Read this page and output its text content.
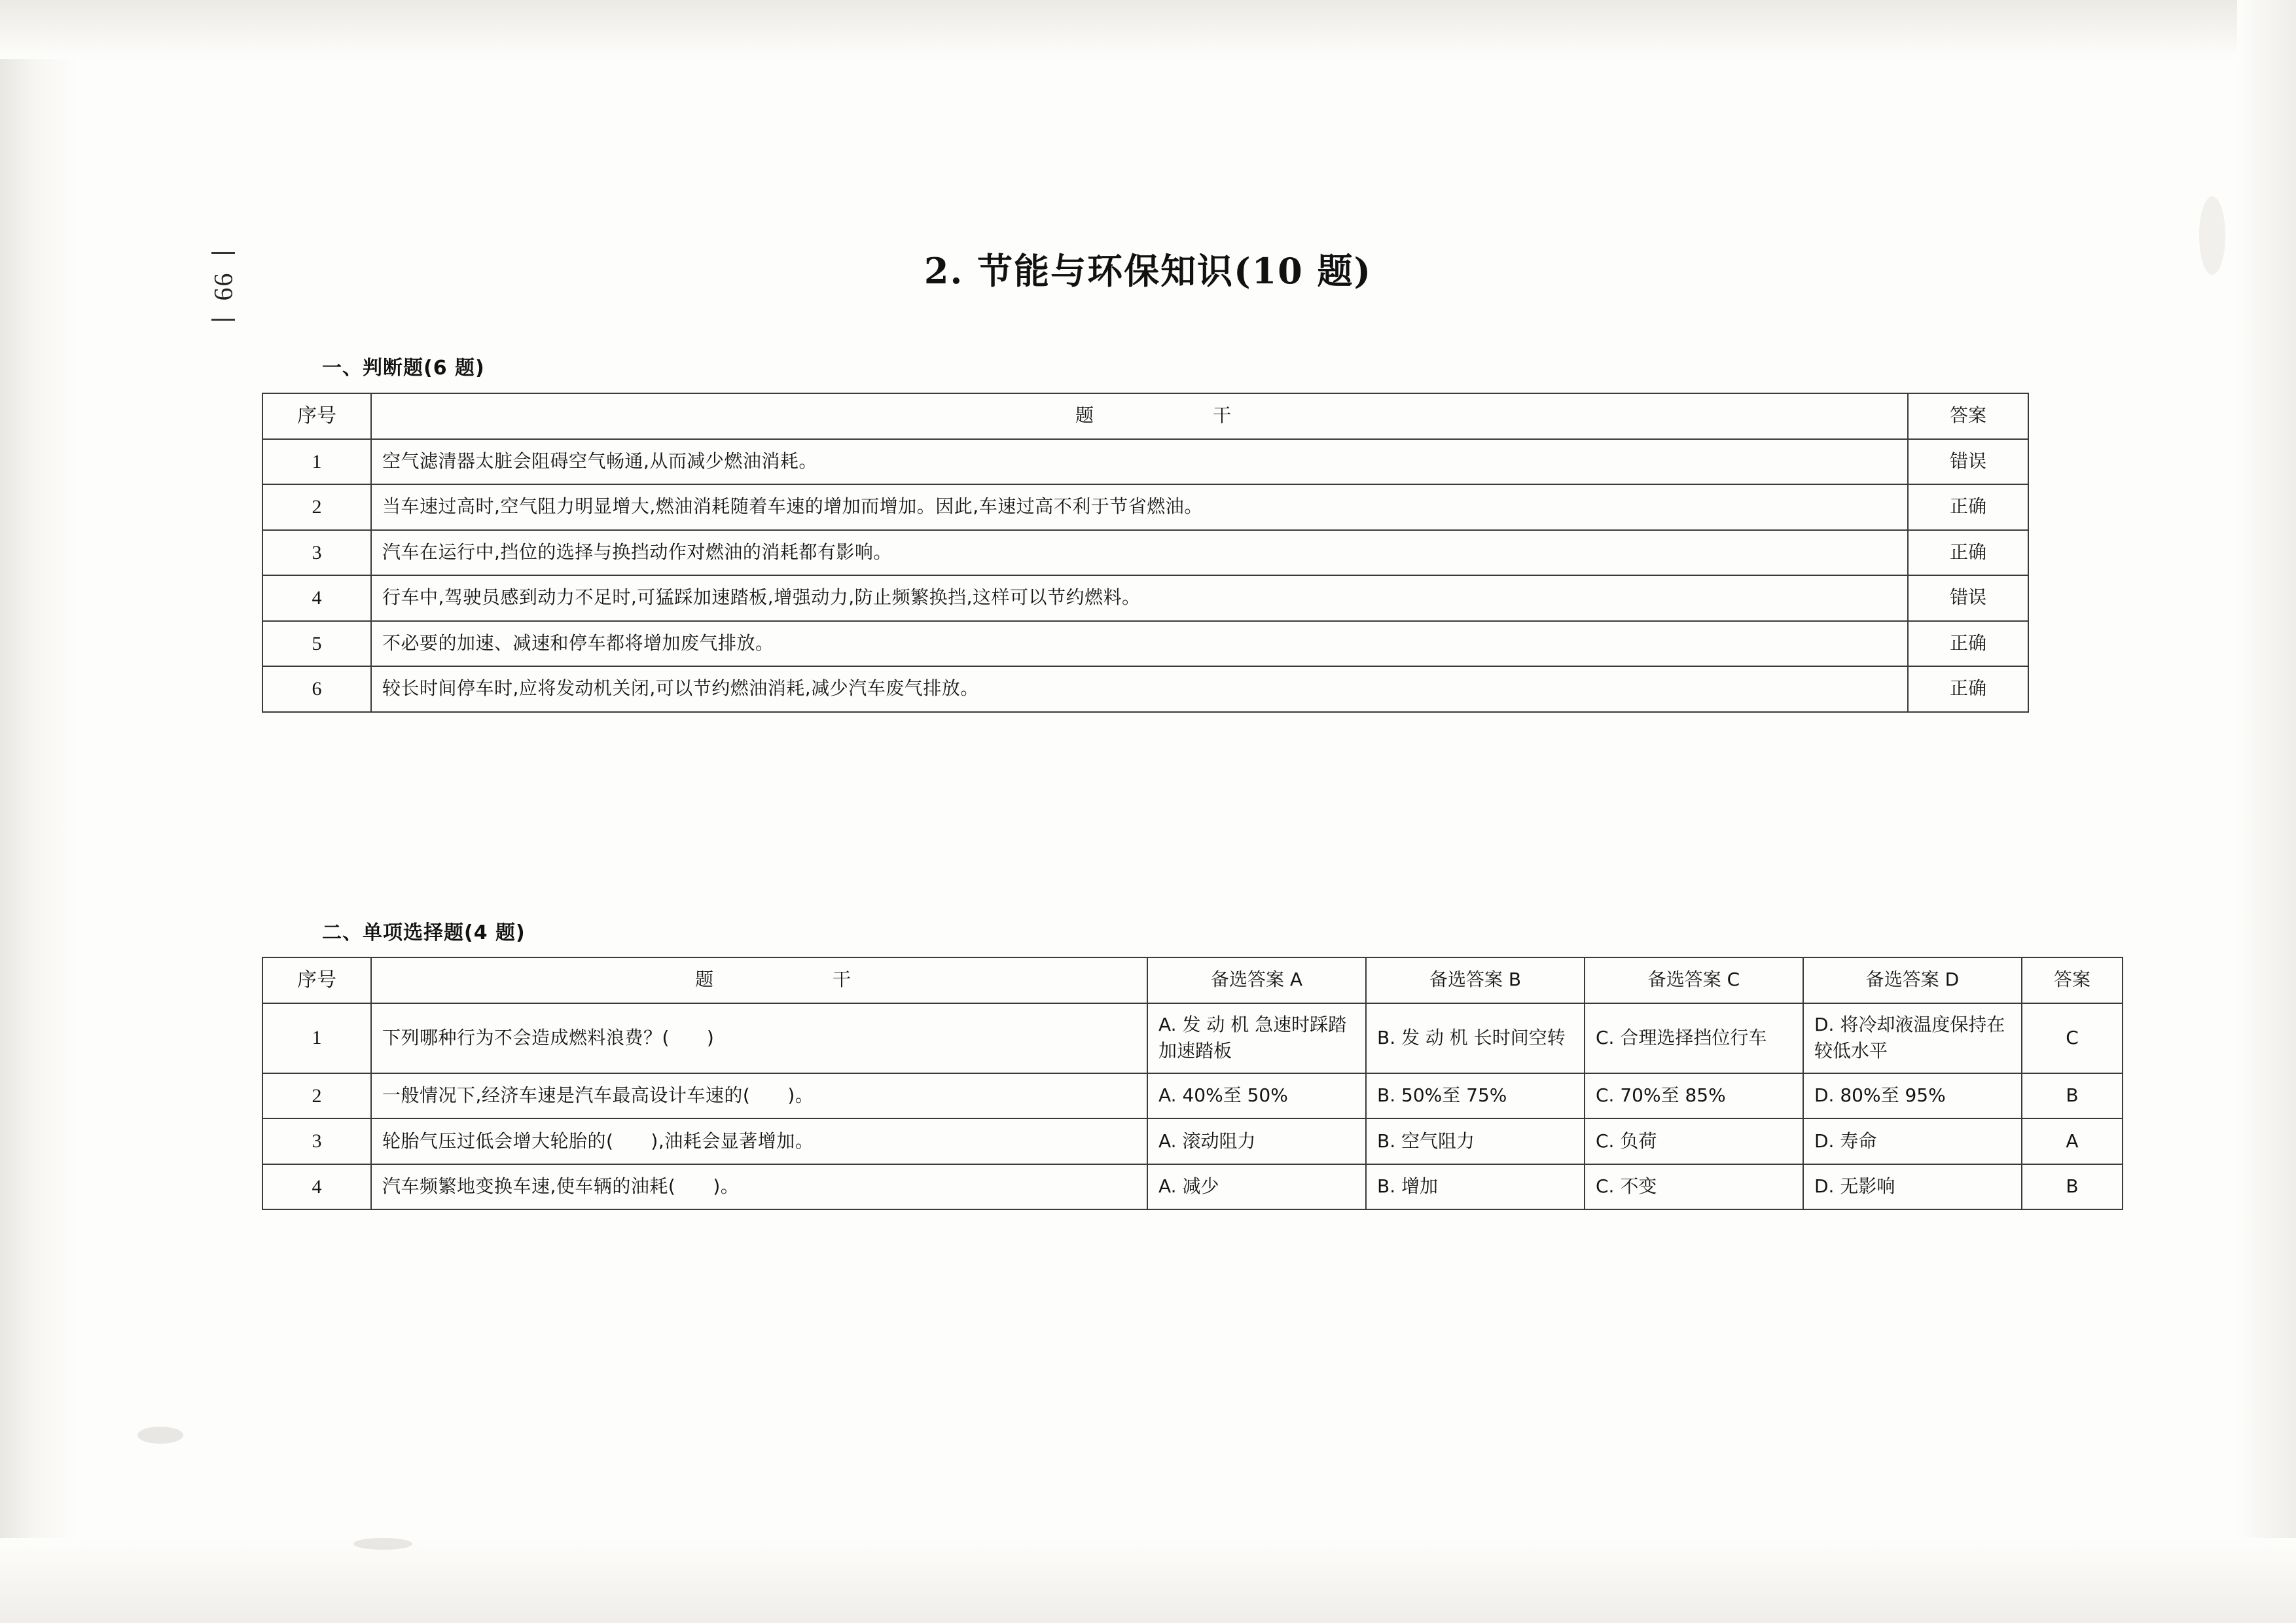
66	2. 节能与环保知识(10 题)
一、判断题(6 题)
序号	题　　干	答案
1	空气滤清器太脏会阻碍空气畅通,从而减少燃油消耗。	错误
2	当车速过高时,空气阻力明显增大,燃油消耗随着车速的增加而增加。因此,车速过高不利于节省燃油。	正确
3	汽车在运行中,挡位的选择与换挡动作对燃油的消耗都有影响。	正确
4	行车中,驾驶员感到动力不足时,可猛踩加速踏板,增强动力,防止频繁换挡,这样可以节约燃料。	错误
5	不必要的加速、减速和停车都将增加废气排放。	正确
6	较长时间停车时,应将发动机关闭,可以节约燃油消耗,减少汽车废气排放。	正确
二、单项选择题(4 题)
序号	题　　干	备选答案 A	备选答案 B	备选答案 C	备选答案 D	答案
1	下列哪种行为不会造成燃料浪费？(　　)	A. 发 动 机 急速时踩踏加速踏板	B. 发 动 机 长时间空转	C. 合理选择挡位行车	D. 将冷却液温度保持在较低水平	C
2	一般情况下,经济车速是汽车最高设计车速的(　　)。	A. 40%至 50%	B. 50%至 75%	C. 70%至 85%	D. 80%至 95%	B
3	轮胎气压过低会增大轮胎的(　　),油耗会显著增加。	A. 滚动阻力	B. 空气阻力	C. 负荷	D. 寿命	A
4	汽车频繁地变换车速,使车辆的油耗(　　)。	A. 减少	B. 增加	C. 不变	D. 无影响	B
